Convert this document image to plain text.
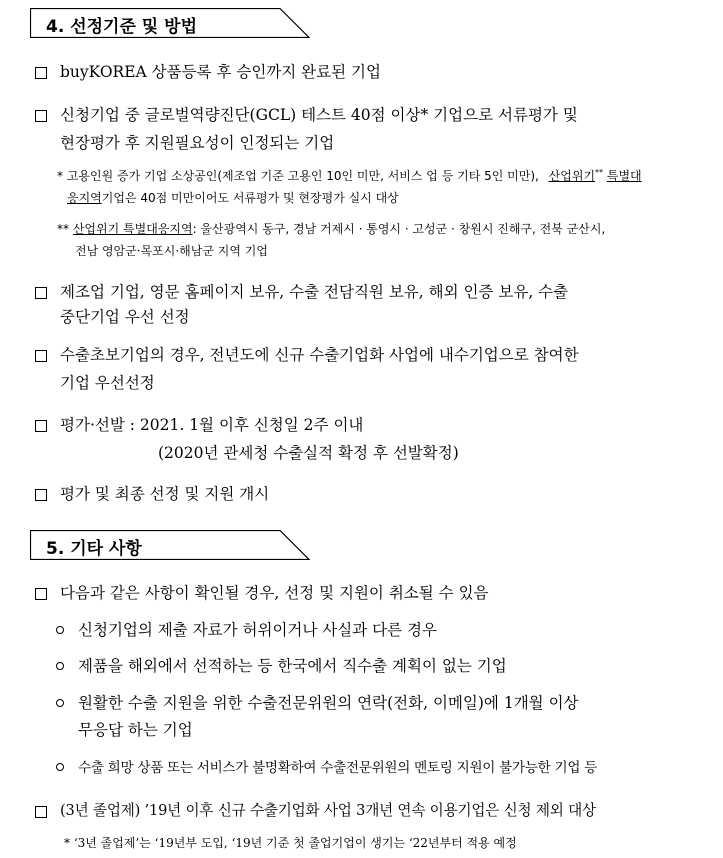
4. 선정기준 및 방법
buyKOREA 상품등록 후 승인까지 완료된 기업
신청기업 중 글로벌역량진단(GCL) 테스트 40점 이상* 기업으로 서류평가 및
현장평가 후 지원필요성이 인정되는 기업
* 고용인원 증가 기업 소상공인(제조업 기준 고용인 10인 미만, 서비스 업 등 기타 5인 미만), 산업위기** 특별대
응지역기업은 40점 미만이어도 서류평가 및 현장평가 실시 대상
** 산업위기 특별대응지역: 울산광역시 동구, 경남 거제시 · 통영시 · 고성군 · 창원시 진해구, 전북 군산시,
전남 영암군·목포시·해남군 지역 기업
제조업 기업, 영문 홈페이지 보유, 수출 전담직원 보유, 해외 인증 보유, 수출
중단기업 우선 선정
수출초보기업의 경우, 전년도에 신규 수출기업화 사업에 내수기업으로 참여한
기업 우선선정
평가·선발 : 2021. 1월 이후 신청일 2주 이내
(2020년 관세청 수출실적 확정 후 선발확정)
평가 및 최종 선정 및 지원 개시
5. 기타 사항
다음과 같은 사항이 확인될 경우, 선정 및 지원이 취소될 수 있음
신청기업의 제출 자료가 허위이거나 사실과 다른 경우
제품을 해외에서 선적하는 등 한국에서 직수출 계획이 없는 기업
원활한 수출 지원을 위한 수출전문위원의 연락(전화, 이메일)에 1개월 이상
무응답 하는 기업
수출 희망 상품 또는 서비스가 불명확하여 수출전문위원의 멘토링 지원이 불가능한 기업 등
(3년 졸업제) ’19년 이후 신규 수출기업화 사업 3개년 연속 이용기업은 신청 제외 대상
* ‘3년 졸업제’는 ‘19년부 도입, ‘19년 기준 첫 졸업기업이 생기는 ‘22년부터 적용 예정
